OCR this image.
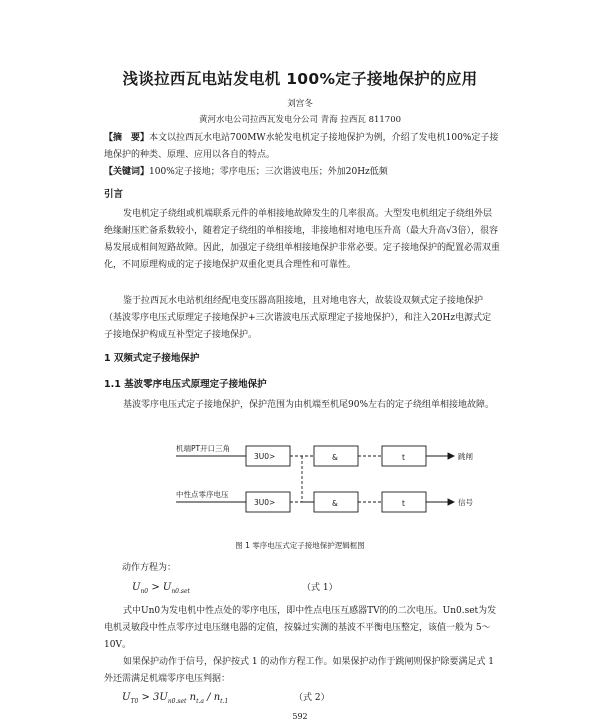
浅谈拉西瓦电站发电机 100%定子接地保护的应用
刘宫冬
黄河水电公司拉西瓦发电分公司 青海 拉西瓦 811700
【摘　要】本文以拉西瓦水电站700MW水轮发电机定子接地保护为例，介绍了发电机100%定子接地保护的种类、原理、应用以各自的特点。
【关键词】100%定子接地；零序电压；三次谐波电压；外加20Hz低频
引言
发电机定子绕组或机端联系元件的单相接地故障发生的几率很高。大型发电机组定子绕组外层绝缘耐压贮备系数较小，随着定子绕组的单相接地，非接地相对地电压升高（最大升高√3倍），很容易发展成相间短路故障。因此，加强定子绕组单相接地保护非常必要。定子接地保护的配置必需双重化，不同原理构成的定子接地保护双重化更具合理性和可靠性。
鉴于拉西瓦水电站机组经配电变压器高阻接地，且对地电容大，故装设双频式定子接地保护（基波零序电压式原理定子接地保护+三次谐波电压式原理定子接地保护），和注入20Hz电源式定子接地保护构成互补型定子接地保护。
1 双频式定子接地保护
1.1 基波零序电压式原理定子接地保护
基波零序电压式定子接地保护，保护范围为由机端至机尾90%左右的定子绕组单相接地故障。
机端PT开口三角
中性点零序电压
3U0>
3U0>
&
&
t
t
跳闸
信号
图 1 零序电压式定子接地保护逻辑框图
动作方程为：
$U_{n0} > U_{n0.set}$	（式 1）
式中Un0为发电机中性点处的零序电压，即中性点电压互感器TV的的二次电压。Un0.set为发电机灵敏段中性点零序过电压继电器的定值，按躲过实测的基波不平衡电压整定，该值一般为 5～10V。
如果保护动作于信号，保护按式 1 的动作方程工作。如果保护动作于跳闸则保护除要满足式 1 外还需满足机端零序电压判据：
$U_{T0} > 3U_{n0.set}$ $n_{t.a} / n_{t.1}$	（式 2）
592
